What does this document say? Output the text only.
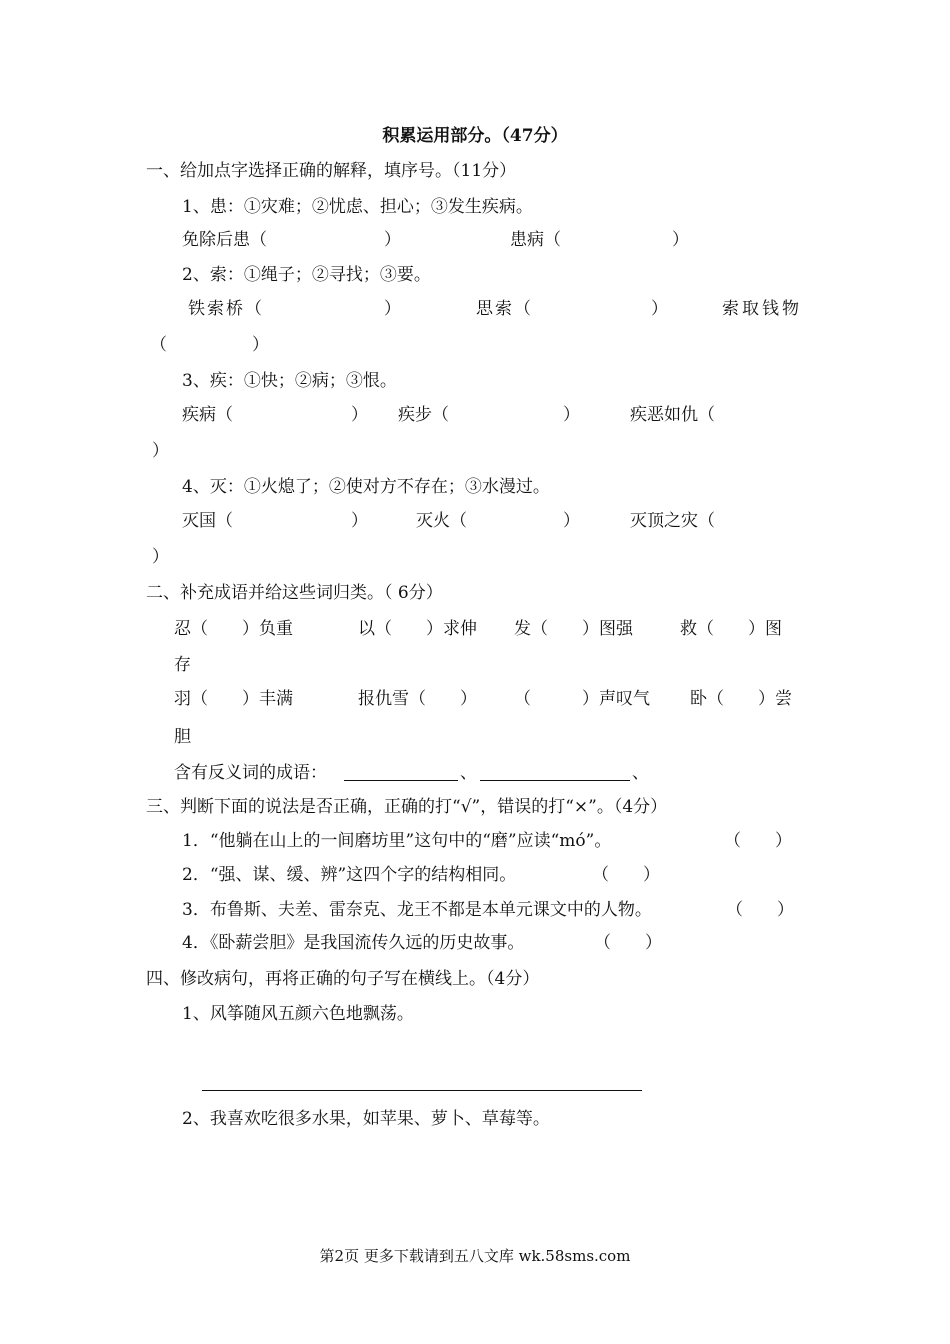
积累运用部分。（47分）
一、给加点字选择正确的解释，填序号。（11分）
1、患：①灾难；②忧虑、担心；③发生疾病。
免除后患（	）	患病（	）
2、索：①绳子；②寻找；③要。
铁索桥（	）	思索（	）	索取钱物
（　　　　　）
3、疾：①快；②病；③恨。
疾病（	） 疾步（	）	疾恶如仇（
）
4、灭：①火熄了；②使对方不存在；③水漫过。
灭国（	）	灭火（	）	灭顶之灾（
）
二、补充成语并给这些词归类。（ 6分）
忍（　　）负重	以（　　）求伸 发（　　）图强	救（　　）图
存
羽（　　）丰满	报仇雪（　　） （　　　）声叹气 卧（　　）尝
胆
含有反义词的成语：	、	、
三、判断下面的说法是否正确，正确的打“√”，错误的打“×”。（4分）
1．“他躺在山上的一间磨坊里”这句中的“磨”应读“mó”。	（　　）
2．“强、谋、缓、辨”这四个字的结构相同。	（　　）
3．布鲁斯、夫差、雷奈克、龙王不都是本单元课文中的人物。	（　　）
4．《卧薪尝胆》是我国流传久远的历史故事。	（　　）
四、修改病句，再将正确的句子写在横线上。（4分）
1、风筝随风五颜六色地飘荡。
2、我喜欢吃很多水果，如苹果、萝卜、草莓等。
第2页 更多下载请到五八文库 wk.58sms.com
